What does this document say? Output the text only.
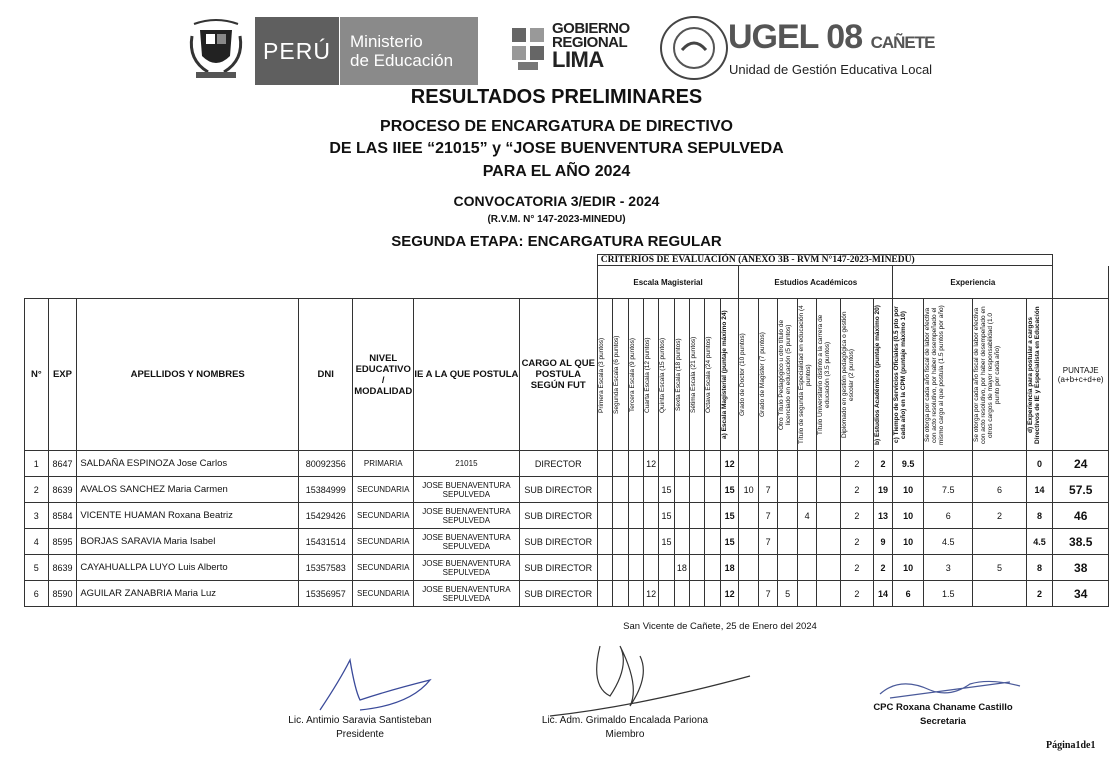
PERÚ	Ministerio
de Educación
GOBIERNO
REGIONAL
LIMA
UGEL 08 CAÑETE
Unidad de Gestión Educativa Local
RESULTADOS PRELIMINARES
PROCESO DE ENCARGATURA DE DIRECTIVO
DE LAS IIEE “21015” y “JOSE BUENVENTURA SEPULVEDA
PARA EL AÑO 2024
CONVOCATORIA 3/EDIR - 2024
(R.V.M. N° 147-2023-MINEDU)
SEGUNDA ETAPA: ENCARGATURA REGULAR
							CRITERIOS DE EVALUACIÓN (ANEXO 3B - RVM N°147-2023-MINEDU)																				
							Escala Magisterial									Estudios Académicos							Experiencia				
N°	EXP	APELLIDOS Y NOMBRES	DNI	NIVEL EDUCATIVO / MODALIDAD	IE A LA QUE POSTULA	CARGO AL QUE POSTULA SEGÚN FUT	Primera Escala (3 puntos)	Segunda Escala (6 puntos)	Tercera Escala (9 puntos)	Cuarta Escala (12 puntos)	Quinta Escala (15 puntos)	Sexta Escala (18 puntos)	Sétima Escala (21 puntos)	Octava Escala (24 puntos)	a) Escala Magisterial (puntaje máximo 24)	Grado de Doctor (10 puntos)	Grado de Magister (7 puntos)	Otro Título Pedagógico u otro título de licenciado en educación (5 puntos)	Título de segunda Especialidad en educación (4 puntos)	Título Universitario distinto a la carrera de educación (3.5 puntos)	Diplomado en gestión pedagógica o gestión escolar (2 puntos)	b) Estudios Académicos (puntaje máximo 20)	c) Tiempo de Servicios Oficiales (0.5 pto por cada año) en la CPM (puntaje máximo 10)	Se otorga por cada año fiscal de labor efectiva con acto resolutivo, por haber desempeñado el mismo cargo al que postula (1.5 puntos por año)	Se otorga por cada año fiscal de labor efectiva con acto resolutivo, por haber desempeñado en otros cargos de mayor responsabilidad (1.0 punto por cada año)	d) Experiencia para postular a cargos Directivos de IE y Especialista en Educación	PUNTAJE (a+b+c+d+e)
1	8647	SALDAÑA ESPINOZA Jose Carlos	80092356	PRIMARIA	21015	DIRECTOR				12					12						2	2	9.5			0	24
2	8639	AVALOS SANCHEZ Maria Carmen	15384999	SECUNDARIA	JOSE BUENAVENTURA SEPULVEDA	SUB DIRECTOR					15				15	10	7				2	19	10	7.5	6	14	57.5
3	8584	VICENTE HUAMAN Roxana Beatriz	15429426	SECUNDARIA	JOSE BUENAVENTURA SEPULVEDA	SUB DIRECTOR					15				15		7		4		2	13	10	6	2	8	46
4	8595	BORJAS SARAVIA Maria Isabel	15431514	SECUNDARIA	JOSE BUENAVENTURA SEPULVEDA	SUB DIRECTOR					15				15		7				2	9	10	4.5		4.5	38.5
5	8639	CAYAHUALLPA LUYO Luis Alberto	15357583	SECUNDARIA	JOSE BUENAVENTURA SEPULVEDA	SUB DIRECTOR						18			18						2	2	10	3	5	8	38
6	8590	AGUILAR ZANABRIA Maria Luz	15356957	SECUNDARIA	JOSE BUENAVENTURA SEPULVEDA	SUB DIRECTOR				12					12		7	5			2	14	6	1.5		2	34
San Vicente de Cañete, 25 de Enero del 2024
Lic. Antimio Saravia Santisteban
Presidente
Lic. Adm. Grimaldo Encalada Pariona
Miembro
CPC Roxana Chaname Castillo
Secretaria
Página1de1
